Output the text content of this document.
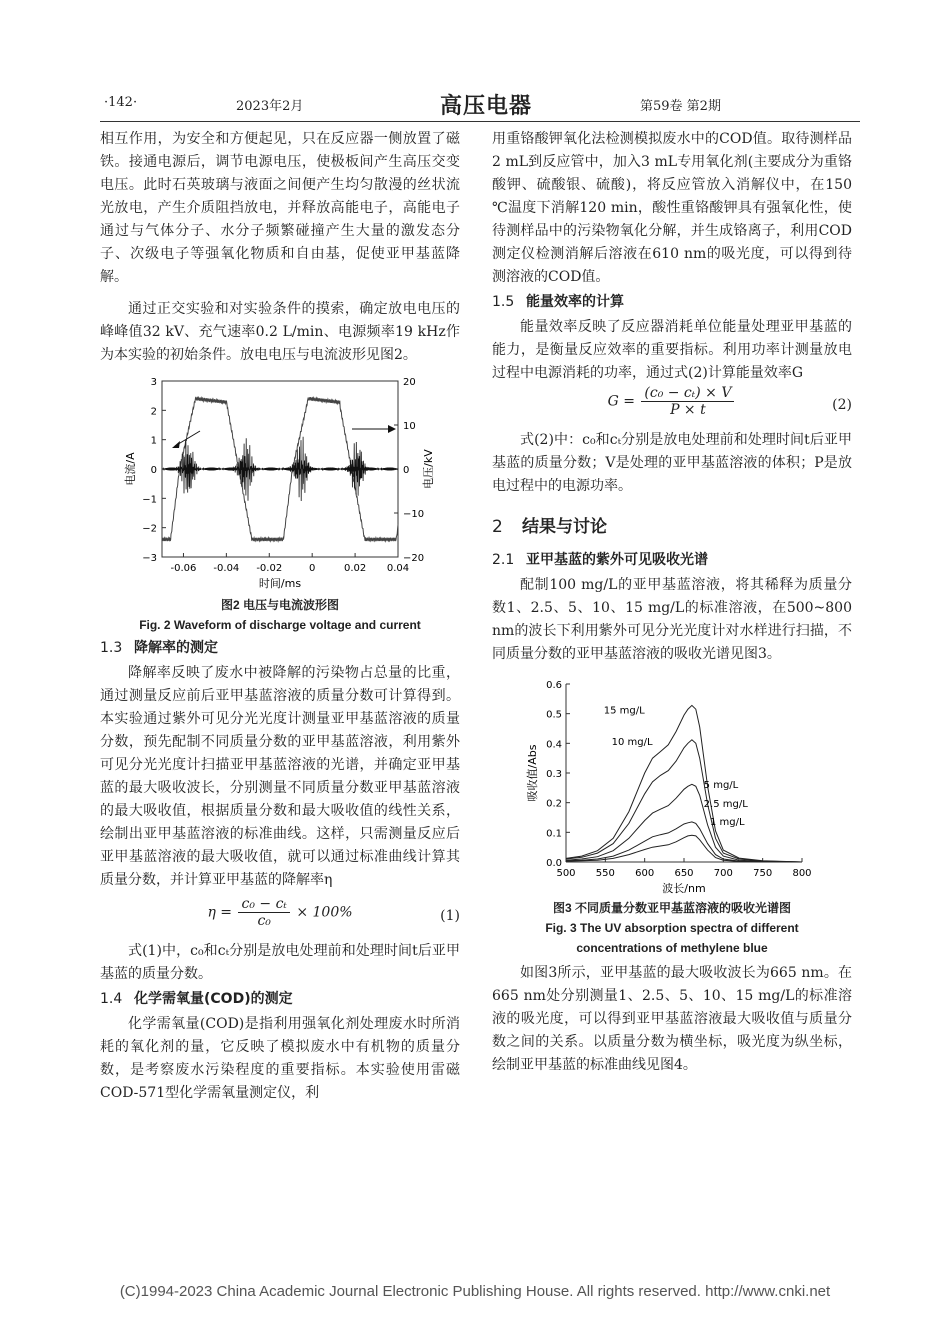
·142·	2023年2月	高压电器	第59卷 第2期

相互作用，为安全和方便起见，只在反应器一侧放置了磁铁。接通电源后，调节电源电压，使极板间产生高压交变电压。此时石英玻璃与液面之间便产生均匀散漫的丝状流光放电，产生介质阻挡放电，并释放高能电子，高能电子通过与气体分子、水分子频繁碰撞产生大量的激发态分子、次级电子等强氧化物质和自由基，促使亚甲基蓝降解。

通过正交实验和对实验条件的摸索，确定放电电压的峰峰值32 kV、充气速率0.2 L/min、电源频率19 kHz作为本实验的初始条件。放电电压与电流波形见图2。

-0.06 -0.04 -0.02	0	0.02 0.04
−3
−2
−1
0
1
2
3
−20
−10
0
10
20
时间/ms
电流/A	电压/kV
图2 电压与电流波形图
Fig. 2 Waveform of discharge voltage and current
1.3 降解率的测定

降解率反映了废水中被降解的污染物占总量的比重，通过测量反应前后亚甲基蓝溶液的质量分数可计算得到。本实验通过紫外可见分光光度计测量亚甲基蓝溶液的质量分数，预先配制不同质量分数的亚甲基蓝溶液，利用紫外可见分光光度计扫描亚甲基蓝溶液的光谱，并确定亚甲基蓝的最大吸收波长，分别测量不同质量分数亚甲基蓝溶液的最大吸收值，根据质量分数和最大吸收值的线性关系，绘制出亚甲基蓝溶液的标准曲线。这样，只需测量反应后亚甲基蓝溶液的最大吸收值，就可以通过标准曲线计算其质量分数，并计算亚甲基蓝的降解率η

$\eta = \frac{\text{c₀ − cₜ}}{\text{c₀}} \times 100\%$	(1)

式(1)中，c₀和cₜ分别是放电处理前和处理时间t后亚甲基蓝的质量分数。

1.4 化学需氧量(COD)的测定

化学需氧量(COD)是指利用强氧化剂处理废水时所消耗的氧化剂的量，它反映了模拟废水中有机物的质量分数，是考察废水污染程度的重要指标。本实验使用雷磁COD-571型化学需氧量测定仪，利

用重铬酸钾氧化法检测模拟废水中的COD值。取待测样品2 mL到反应管中，加入3 mL专用氧化剂(主要成分为重铬酸钾、硫酸银、硫酸)，将反应管放入消解仪中，在150 ℃温度下消解120 min，酸性重铬酸钾具有强氧化性，使待测样品中的污染物氧化分解，并生成铬离子，利用COD测定仪检测消解后溶液在610 nm的吸光度，可以得到待测溶液的COD值。

1.5 能量效率的计算

能量效率反映了反应器消耗单位能量处理亚甲基蓝的能力，是衡量反应效率的重要指标。利用功率计测量放电过程中电源消耗的功率，通过式(2)计算能量效率G

$G = \frac{\text{(c₀ − cₜ) × V}}{P \times t}$	(2)

式(2)中：c₀和cₜ分别是放电处理前和处理时间t后亚甲基蓝的质量分数；V是处理的亚甲基蓝溶液的体积；P是放电过程中的电源功率。

2 结果与讨论
2.1 亚甲基蓝的紫外可见吸收光谱

配制100 mg/L的亚甲基蓝溶液，将其稀释为质量分数1、2.5、5、10、15 mg/L的标准溶液，在500~800 nm的波长下利用紫外可见分光光度计对水样进行扫描，不同质量分数的亚甲基蓝溶液的吸收光谱见图3。

500 550 600 650 700 750 800
0.0
0.1
0.2
0.3
0.4
0.5
0.6
波长/nm
吸收值/Abs
15 mg/L
10 mg/L
5 mg/L
2.5 mg/L
1 mg/L
图3 不同质量分数亚甲基蓝溶液的吸收光谱图
Fig. 3 The UV absorption spectra of different
concentrations of methylene blue

如图3所示，亚甲基蓝的最大吸收波长为665 nm。在665 nm处分别测量1、2.5、5、10、15 mg/L的标准溶液的吸光度，可以得到亚甲基蓝溶液最大吸收值与质量分数之间的关系。以质量分数为横坐标，吸光度为纵坐标，绘制亚甲基蓝的标准曲线见图4。

(C)1994-2023 China Academic Journal Electronic Publishing House. All rights reserved. http://www.cnki.net
